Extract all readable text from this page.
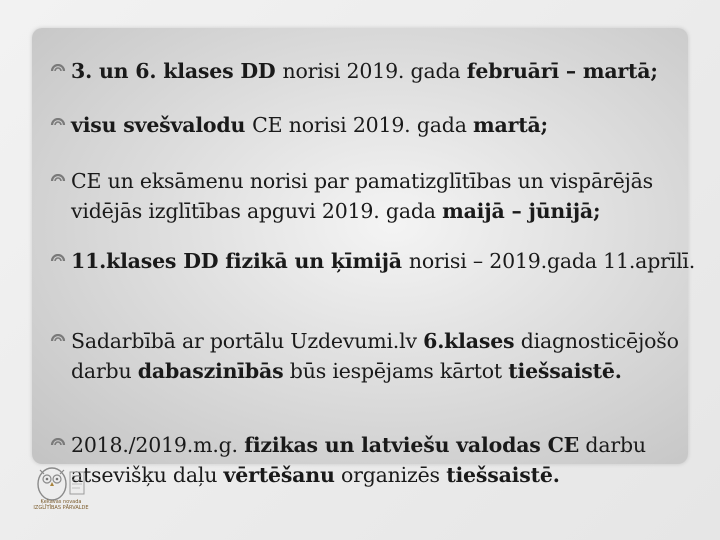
3. un 6. klases DD norisi 2019. gada februārī – martā;
visu svešvalodu CE norisi 2019. gada martā;
CE un eksāmenu norisi par pamatizglītības un vispārējās vidējās izglītības apguvi 2019. gada maijā – jūnijā;
11.klases DD fizikā un ķīmijā norisi – 2019.gada 11.aprīlī.
Sadarbībā ar portālu Uzdevumi.lv 6.klases diagnosticējošo darbu dabaszinībās būs iespējams kārtot tiešsaistē.
2018./2019.m.g. fizikas un latviešu valodas CE darbu atsevišķu daļu vērtēšanu organizēs tiešsaistē.
Ķekavas novada IZGLĪTĪBAS PĀRVALDE
